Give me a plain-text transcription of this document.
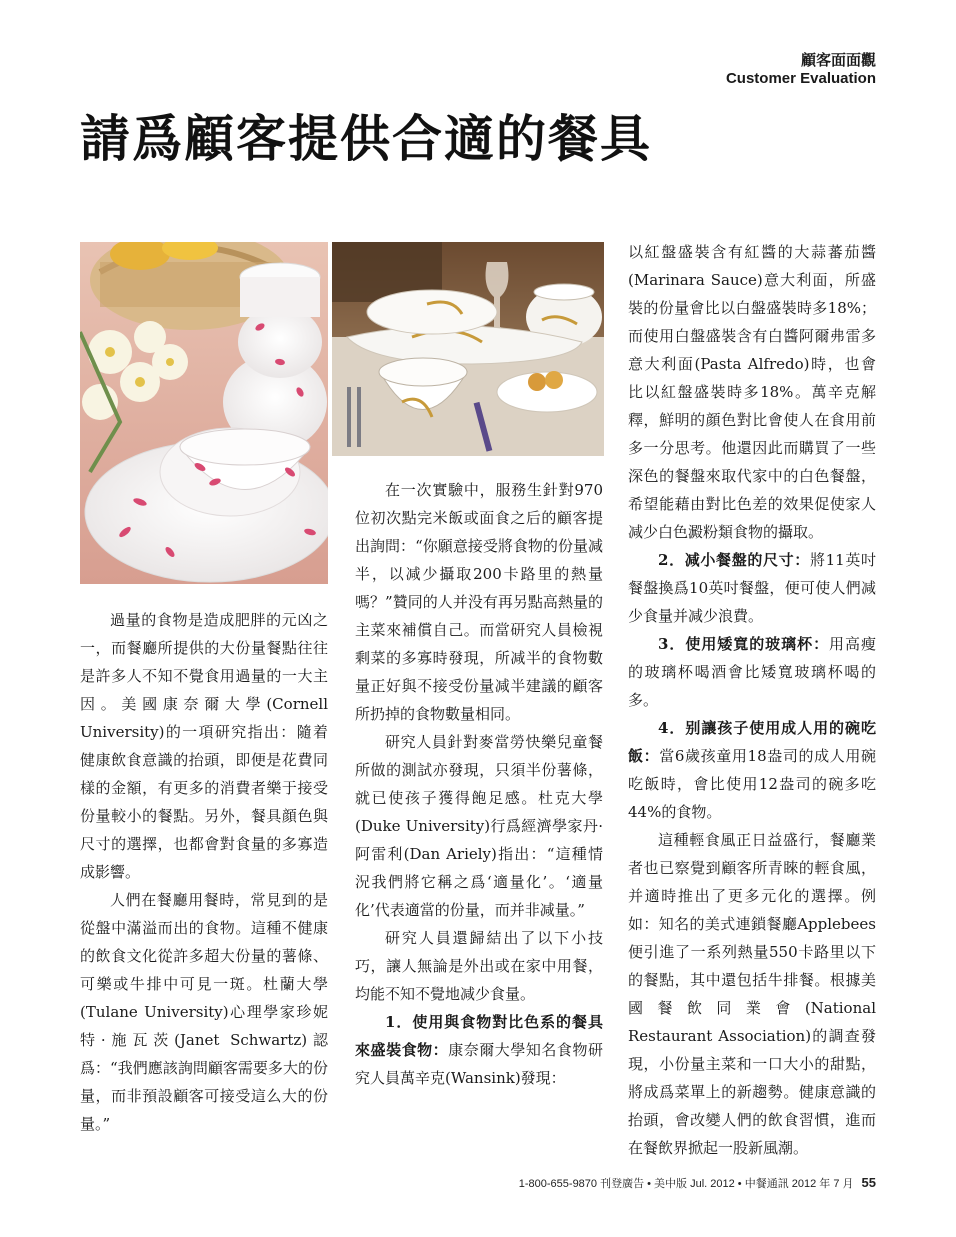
顧客面面觀
Customer Evaluation
請爲顧客提供合適的餐具

過量的食物是造成肥胖的元凶之一，而餐廳所提供的大份量餐點往往是許多人不知不覺食用過量的一大主因。美國康奈爾大學(Cornell University)的一項研究指出：隨着健康飲食意識的抬頭，即便是花費同樣的金額，有更多的消費者樂于接受份量較小的餐點。另外，餐具顔色與尺寸的選擇，也都會對食量的多寡造成影響。

人們在餐廳用餐時，常見到的是從盤中滿溢而出的食物。這種不健康的飲食文化從許多超大份量的薯條、可樂或牛排中可見一斑。杜蘭大學(Tulane University)心理學家珍妮特·施瓦茨(Janet Schwartz)認爲：“我們應該詢問顧客需要多大的份量，而非預設顧客可接受這么大的份量。”

在一次實驗中，服務生針對970位初次點完米飯或面食之后的顧客提出詢問：“你願意接受將食物的份量减半，以减少攝取200卡路里的熱量嗎？”贊同的人并没有再另點高熱量的主菜來補償自己。而當研究人員檢視剩菜的多寡時發現，所减半的食物數量正好與不接受份量减半建議的顧客所扔掉的食物數量相同。

研究人員針對麥當勞快樂兒童餐所做的測試亦發現，只須半份薯條，就已使孩子獲得飽足感。杜克大學(Duke University)行爲經濟學家丹·阿雷利(Dan Ariely)指出：“這種情況我們將它稱之爲‘適量化’。‘適量化’代表適當的份量，而并非减量。”

研究人員還歸結出了以下小技巧，讓人無論是外出或在家中用餐，均能不知不覺地减少食量。

1．使用與食物對比色系的餐具來盛裝食物：康奈爾大學知名食物研究人員萬辛克(Wansink)發現：

以紅盤盛裝含有紅醬的大蒜蕃茄醬(Marinara Sauce)意大利面，所盛裝的份量會比以白盤盛裝時多18%；而使用白盤盛裝含有白醬阿爾弗雷多意大利面(Pasta Alfredo)時，也會比以紅盤盛裝時多18%。萬辛克解釋，鮮明的顔色對比會使人在食用前多一分思考。他還因此而購買了一些深色的餐盤來取代家中的白色餐盤，希望能藉由對比色差的效果促使家人减少白色澱粉類食物的攝取。

2．减小餐盤的尺寸：將11英吋餐盤換爲10英吋餐盤，便可使人們减少食量并减少浪費。

3．使用矮寬的玻璃杯：用高瘦的玻璃杯喝酒會比矮寬玻璃杯喝的多。

4．别讓孩子使用成人用的碗吃飯：當6歲孩童用18盎司的成人用碗吃飯時，會比使用12盎司的碗多吃44%的食物。

這種輕食風正日益盛行，餐廳業者也已察覺到顧客所青睞的輕食風，并適時推出了更多元化的選擇。例如：知名的美式連鎖餐廳Applebees便引進了一系列熱量550卡路里以下的餐點，其中還包括牛排餐。根據美國餐飲同業會(National Restaurant Association)的調查發現，小份量主菜和一口大小的甜點，將成爲菜單上的新趨勢。健康意識的抬頭，會改變人們的飲食習慣，進而在餐飲界掀起一股新風潮。

1-800-655-9870 刊登廣告 • 美中版 Jul. 2012 • 中餐通訊 2012 年 7 月 55
